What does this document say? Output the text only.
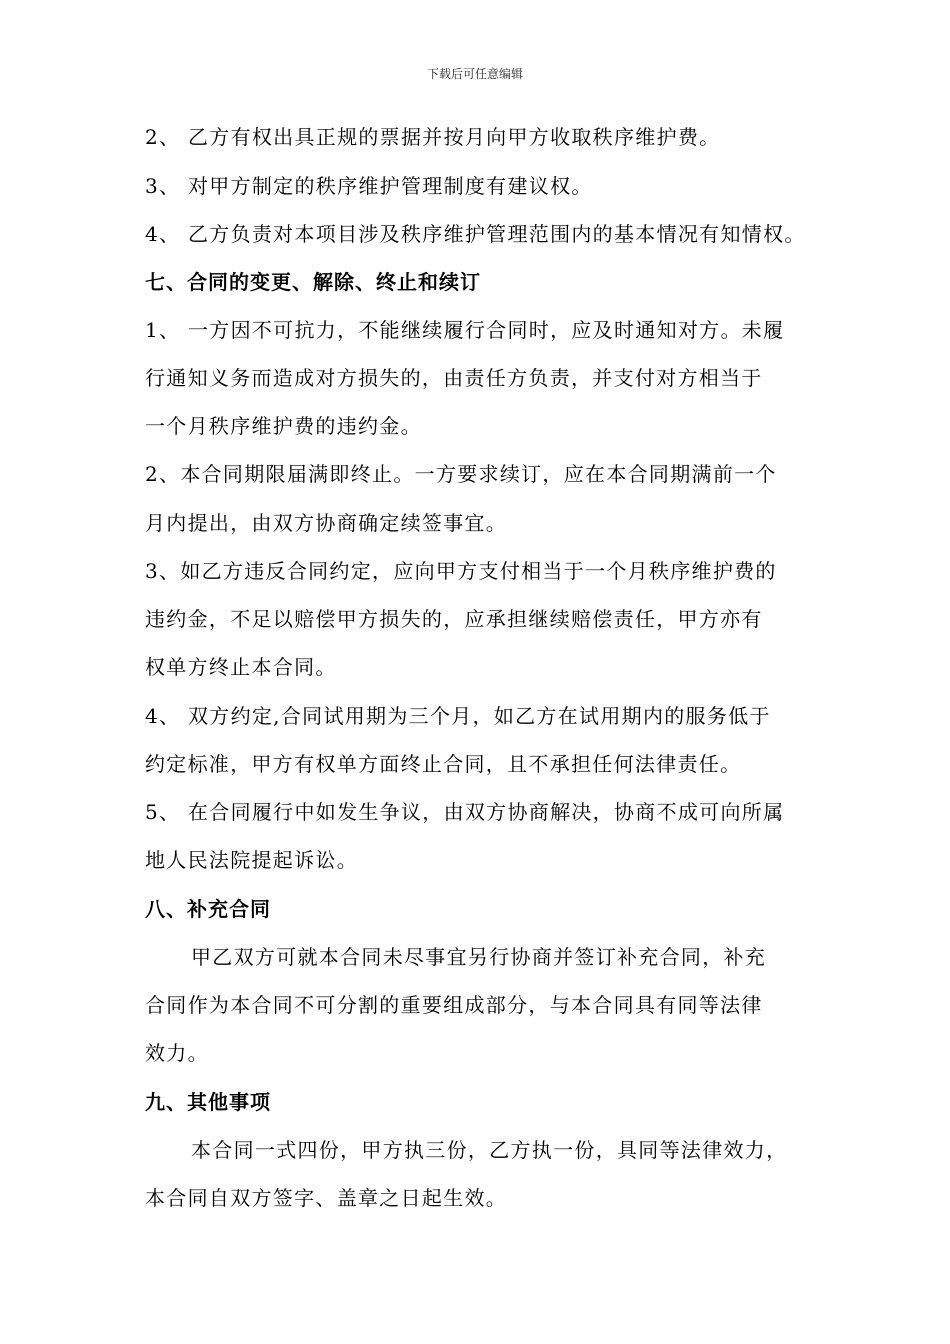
下载后可任意编辑
2、 乙方有权出具正规的票据并按月向甲方收取秩序维护费。
3、 对甲方制定的秩序维护管理制度有建议权。
4、 乙方负责对本项目涉及秩序维护管理范围内的基本情况有知情权。
七、合同的变更、解除、终止和续订
1、 一方因不可抗力，不能继续履行合同时，应及时通知对方。未履
行通知义务而造成对方损失的，由责任方负责，并支付对方相当于
一个月秩序维护费的违约金。
2、本合同期限届满即终止。一方要求续订，应在本合同期满前一个
月内提出，由双方协商确定续签事宜。
3、如乙方违反合同约定，应向甲方支付相当于一个月秩序维护费的
违约金，不足以赔偿甲方损失的，应承担继续赔偿责任，甲方亦有
权单方终止本合同。
4、 双方约定,合同试用期为三个月，如乙方在试用期内的服务低于
约定标准，甲方有权单方面终止合同，且不承担任何法律责任。
5、 在合同履行中如发生争议，由双方协商解决，协商不成可向所属
地人民法院提起诉讼。
八、补充合同
甲乙双方可就本合同未尽事宜另行协商并签订补充合同，补充
合同作为本合同不可分割的重要组成部分，与本合同具有同等法律
效力。
九、其他事项
本合同一式四份，甲方执三份，乙方执一份，具同等法律效力，
本合同自双方签字、盖章之日起生效。
